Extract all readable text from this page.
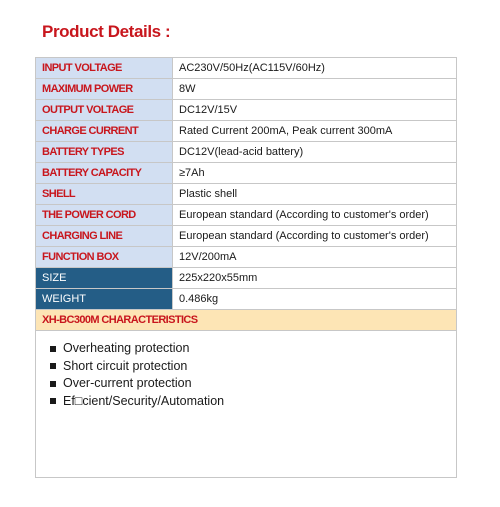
Product Details :
INPUT VOLTAGE	AC230V/50Hz(AC115V/60Hz)
MAXIMUM POWER	8W
OUTPUT VOLTAGE	DC12V/15V
CHARGE CURRENT	Rated Current 200mA, Peak current 300mA
BATTERY TYPES	DC12V(lead-acid battery)
BATTERY CAPACITY	≥7Ah
SHELL	Plastic shell
THE POWER CORD	European standard (According to customer's order)
CHARGING LINE	European standard (According to customer's order)
FUNCTION BOX	12V/200mA
SIZE	225x220x55mm
WEIGHT	0.486kg
XH-BC300M CHARACTERISTICS	
Overheating protection
Short circuit protection
Over-current protection
Ef□cient/Security/Automation
